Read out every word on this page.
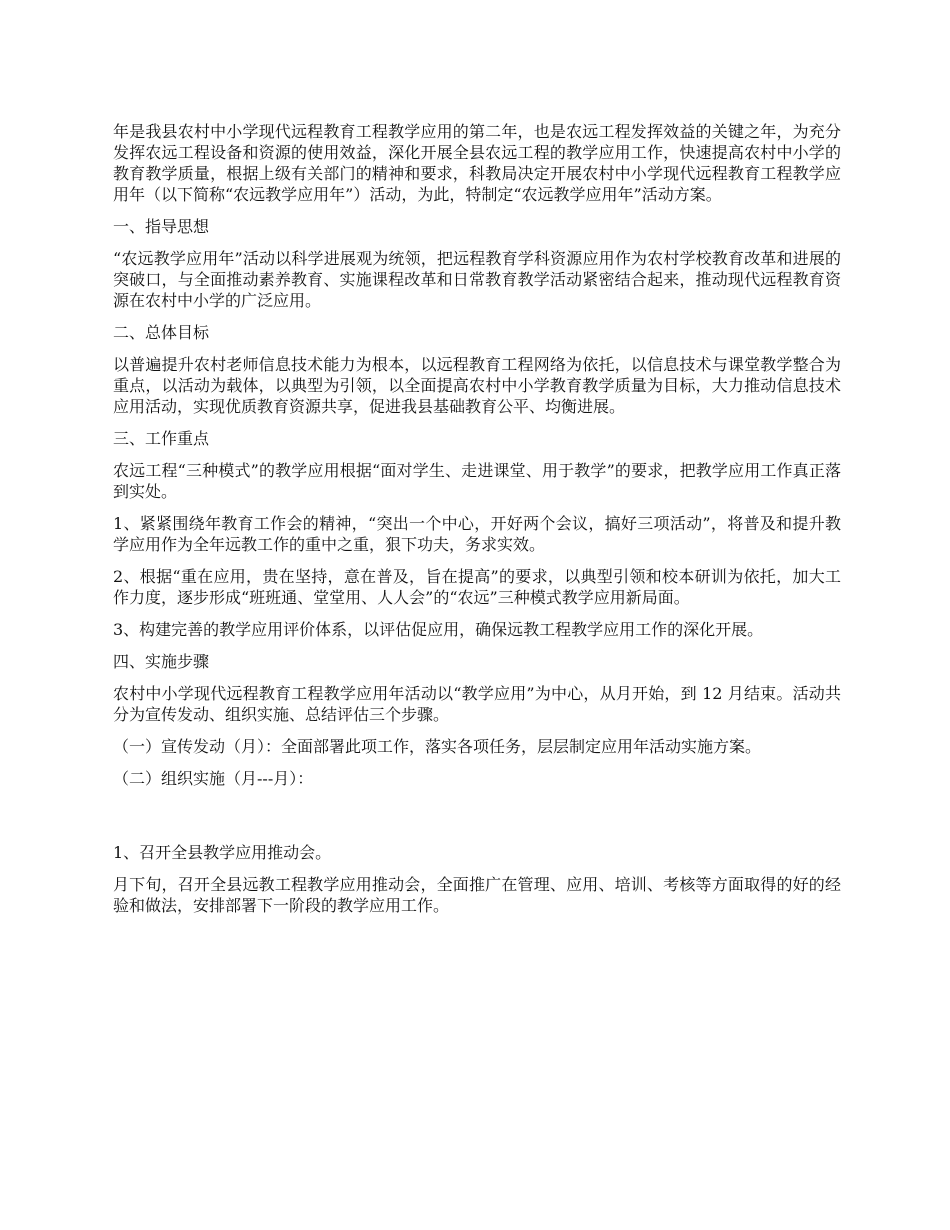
年是我县农村中小学现代远程教育工程教学应用的第二年，也是农远工程发挥效益的关键之年，为充分发挥农远工程设备和资源的使用效益，深化开展全县农远工程的教学应用工作，快速提高农村中小学的教育教学质量，根据上级有关部门的精神和要求，科教局决定开展农村中小学现代远程教育工程教学应用年（以下简称“农远教学应用年”）活动，为此，特制定“农远教学应用年”活动方案。

一、指导思想

“农远教学应用年”活动以科学进展观为统领，把远程教育学科资源应用作为农村学校教育改革和进展的突破口，与全面推动素养教育、实施课程改革和日常教育教学活动紧密结合起来，推动现代远程教育资源在农村中小学的广泛应用。

二、总体目标

以普遍提升农村老师信息技术能力为根本，以远程教育工程网络为依托，以信息技术与课堂教学整合为重点，以活动为载体，以典型为引领，以全面提高农村中小学教育教学质量为目标，大力推动信息技术应用活动，实现优质教育资源共享，促进我县基础教育公平、均衡进展。

三、工作重点

农远工程“三种模式”的教学应用根据“面对学生、走进课堂、用于教学”的要求，把教学应用工作真正落到实处。

1、紧紧围绕年教育工作会的精神，“突出一个中心，开好两个会议，搞好三项活动”，将普及和提升教学应用作为全年远教工作的重中之重，狠下功夫，务求实效。

2、根据“重在应用，贵在坚持，意在普及，旨在提高”的要求，以典型引领和校本研训为依托，加大工作力度，逐步形成“班班通、堂堂用、人人会”的“农远”三种模式教学应用新局面。

3、构建完善的教学应用评价体系，以评估促应用，确保远教工程教学应用工作的深化开展。

四、实施步骤

农村中小学现代远程教育工程教学应用年活动以“教学应用”为中心，从月开始，到 12 月结束。活动共分为宣传发动、组织实施、总结评估三个步骤。

（一）宣传发动（月）：全面部署此项工作，落实各项任务，层层制定应用年活动实施方案。

（二）组织实施（月---月）：

1、召开全县教学应用推动会。

月下旬，召开全县远教工程教学应用推动会，全面推广在管理、应用、培训、考核等方面取得的好的经验和做法，安排部署下一阶段的教学应用工作。
